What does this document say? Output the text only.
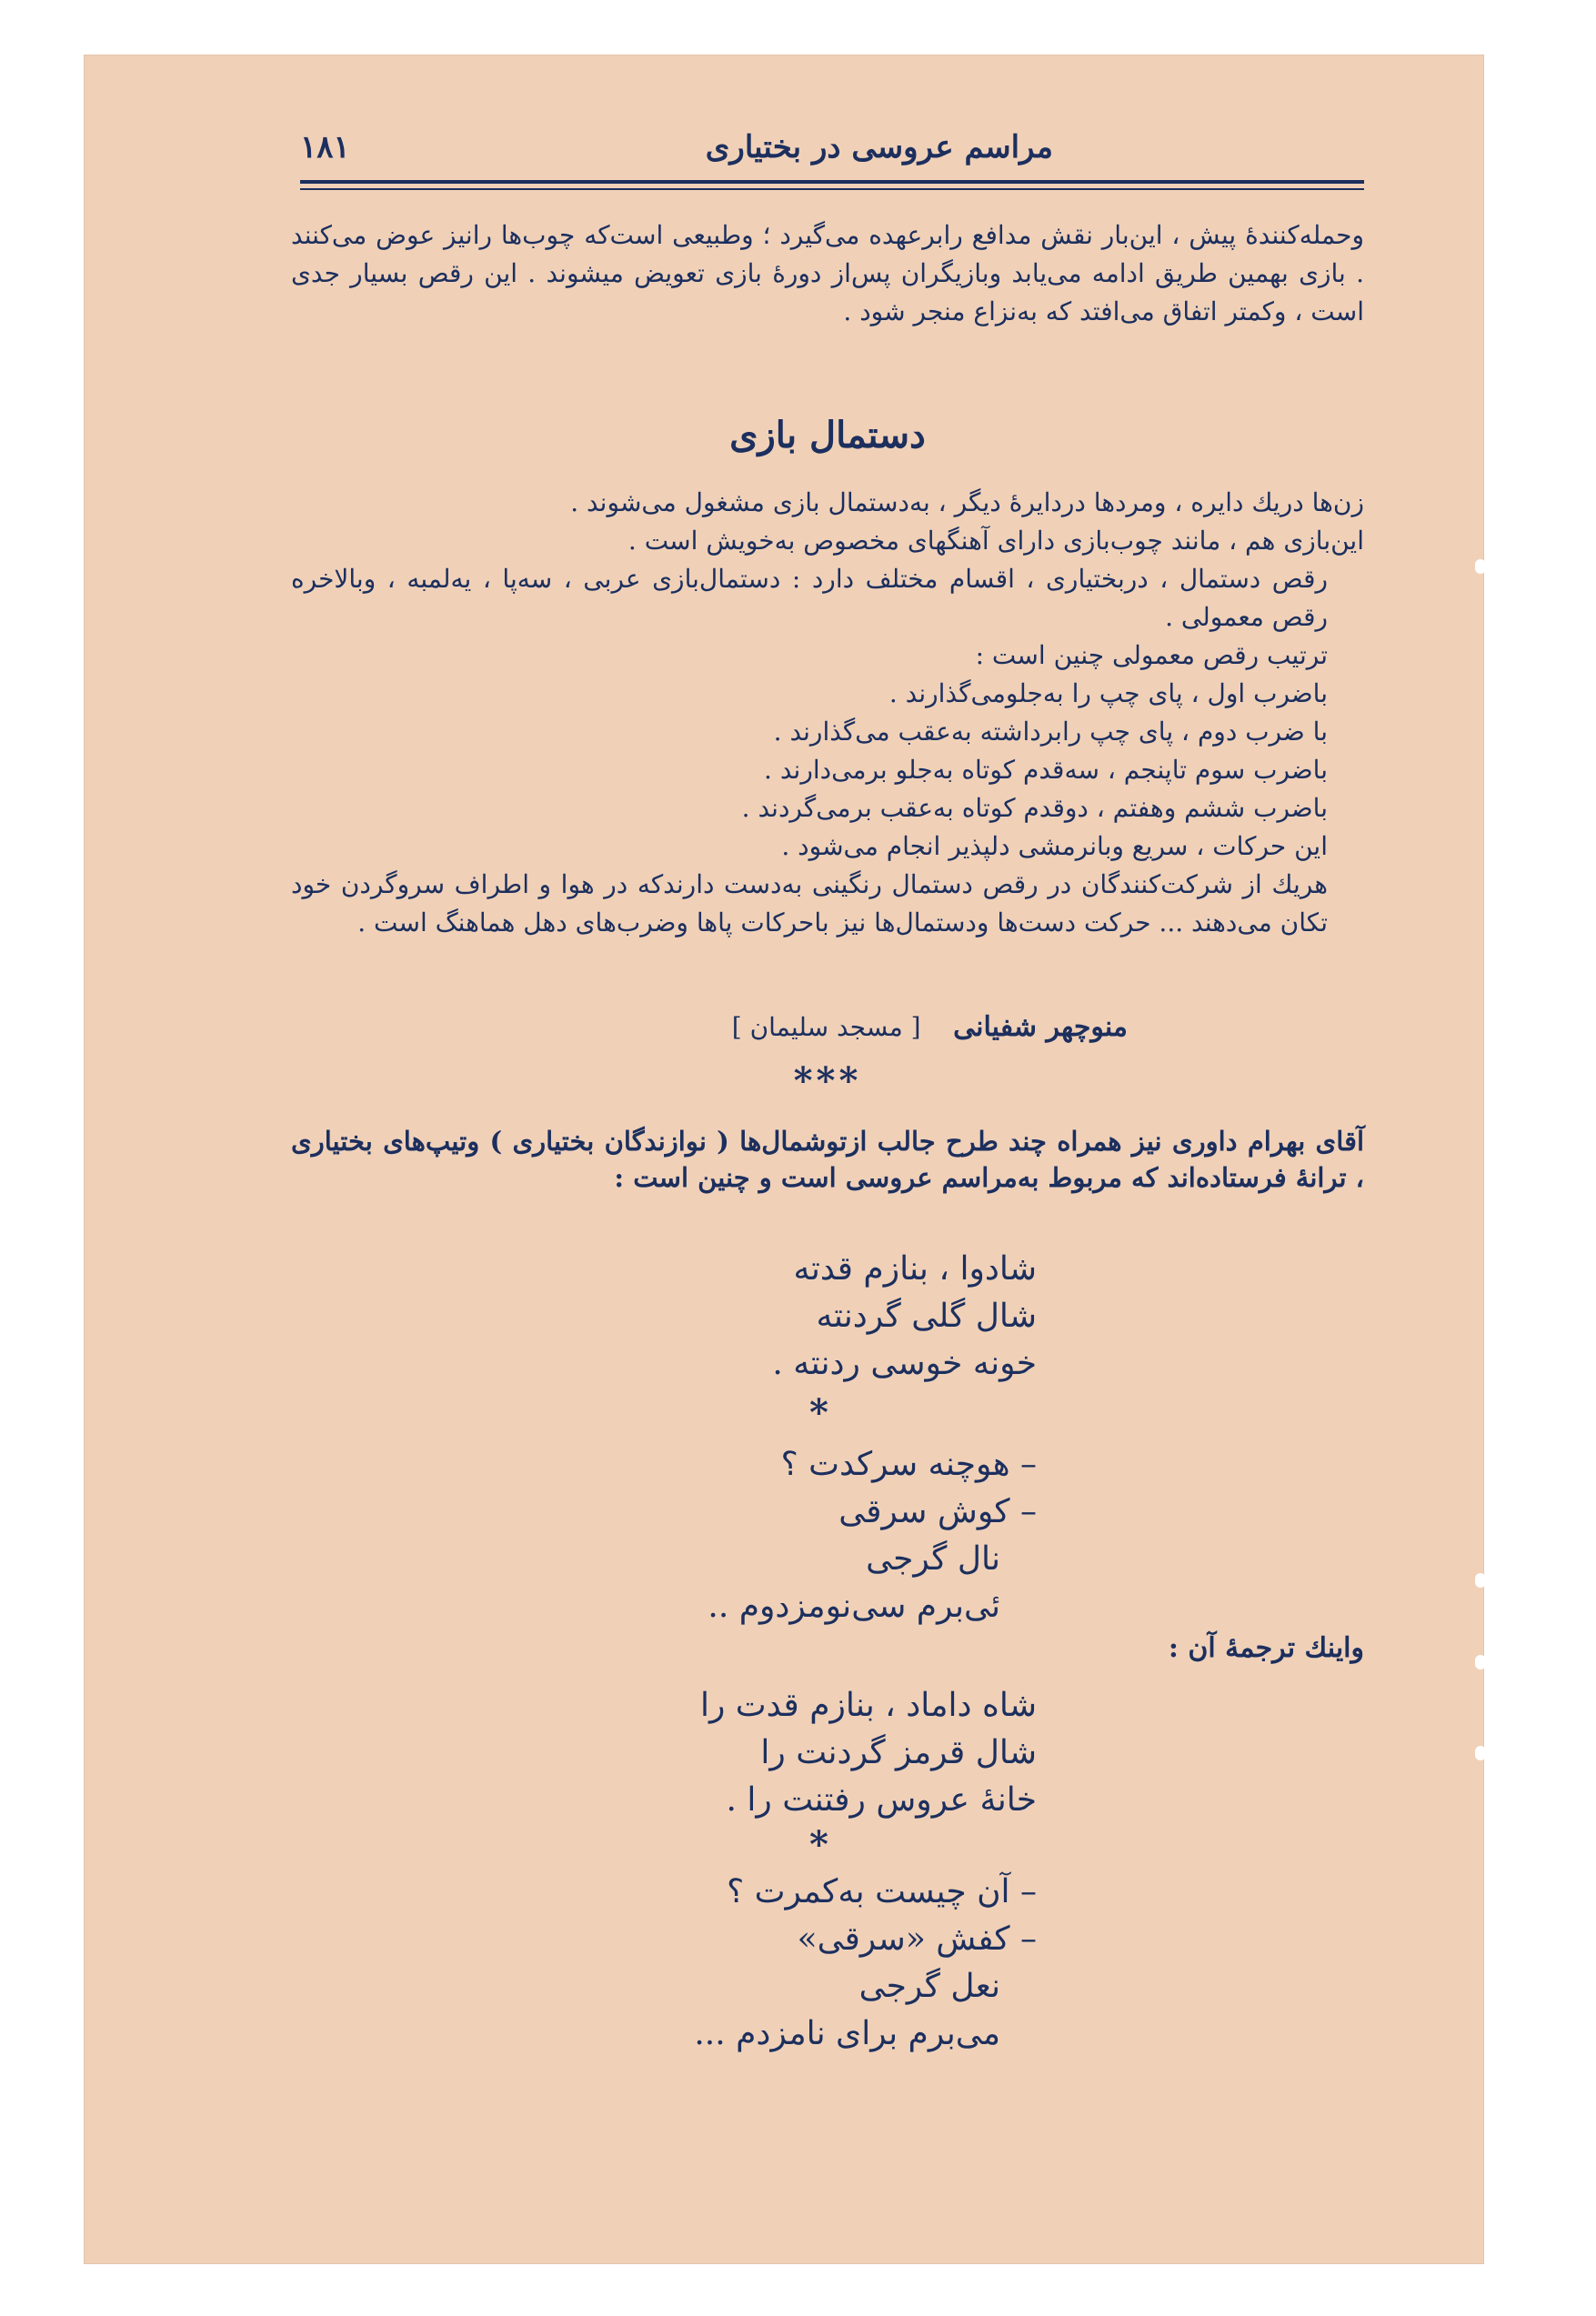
مراسم عروسی در بختیاری
۱۸۱
وحمله‌کنندهٔ پیش ، این‌بار نقش مدافع رابرعهده می‌گیرد ؛ وطبیعی است‌که چوب‌ها رانیز عوض می‌کنند . بازی بهمین طریق ادامه می‌یابد وبازیگران پس‌از دورهٔ بازی تعویض میشوند . این رقص بسیار جدی است ، وکمتر اتفاق می‌افتد که به‌نزاع منجر شود .
دستمال بازی

زن‌ها دریك دایره ، ومردها دردایرهٔ دیگر ، به‌دستمال بازی مشغول می‌شوند .

این‌بازی هم ، مانند چوب‌بازی دارای آهنگهای مخصوص به‌خویش است .

رقص دستمال ، دربختیاری ، اقسام مختلف دارد : دستمال‌بازی عربی ، سه‌پا ، یه‌لمبه ، وبالاخره رقص معمولی .

ترتیب رقص معمولی چنین است :

باضرب اول ، پای چپ را به‌جلومی‌گذارند .

با ضرب دوم ، پای چپ رابرداشته به‌عقب می‌گذارند .

باضرب سوم تاپنجم ، سه‌قدم کوتاه به‌جلو برمی‌دارند .

باضرب ششم وهفتم ، دوقدم کوتاه به‌عقب برمی‌گردند .

این حرکات ، سریع وبانرمشی دلپذیر انجام می‌شود .

هریك از شرکت‌کنندگان در رقص دستمال رنگینی به‌دست دارندکه در هوا و اطراف سروگردن خود تکان می‌دهند ... حرکت دست‌ها ودستمال‌ها نیز باحرکات پاها وضرب‌های دهل هماهنگ است .

منوچهر شفیانی    [ مسجد سلیمان ]
***
آقای بهرام داوری نیز همراه چند طرح جالب ازتوشمال‌ها ( نوازندگان بختیاری ) وتیپ‌های بختیاری ، ترانهٔ فرستاده‌اند که مربوط به‌مراسم عروسی است و چنین است :
شادوا ، بنازم قدته
شال گلی گردنته
خونه خوسی ردنته .
*
– هوچنه سرکدت ؟
– کوش سرقی
نال گرجی
ئی‌برم سی‌نومزدوم ..
واینك ترجمهٔ آن :
شاه داماد ، بنازم قدت را
شال قرمز گردنت را
خانهٔ عروس رفتنت را .
*
– آن چیست به‌کمرت ؟
– کفش «سرقی»
نعل گرجی
می‌برم برای نامزدم ...
